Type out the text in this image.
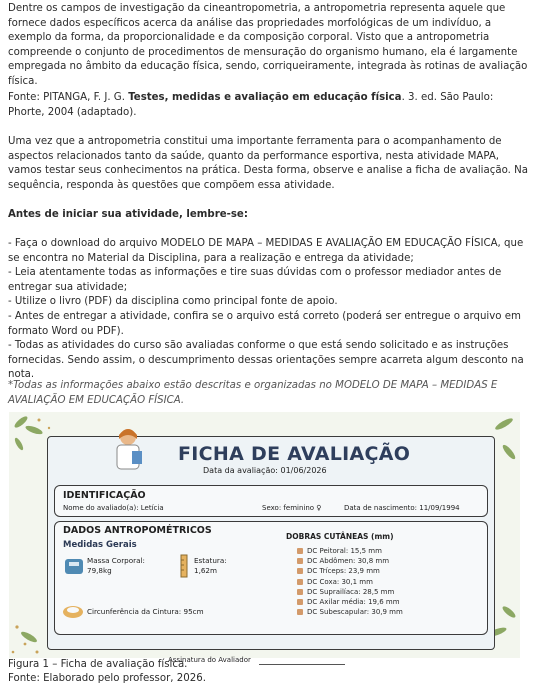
Dentre os campos de investigação da cineantropometria, a antropometria representa aquele que fornece dados específicos acerca da análise das propriedades morfológicas de um indivíduo, a exemplo da forma, da proporcionalidade e da composição corporal. Visto que a antropometria compreende o conjunto de procedimentos de mensuração do organismo humano, ela é largamente empregada no âmbito da educação física, sendo, corriqueiramente, integrada às rotinas de avaliação física.

Fonte: PITANGA, F. J. G. Testes, medidas e avaliação em educação física. 3. ed. São Paulo: Phorte, 2004 (adaptado).

Uma vez que a antropometria constitui uma importante ferramenta para o acompanhamento de aspectos relacionados tanto da saúde, quanto da performance esportiva, nesta atividade MAPA, vamos testar seus conhecimentos na prática. Desta forma, observe e analise a ficha de avaliação. Na sequência, responda às questões que compõem essa atividade.

Antes de iniciar sua atividade, lembre-se:

- Faça o download do arquivo MODELO DE MAPA – MEDIDAS E AVALIAÇÃO EM EDUCAÇÃO FÍSICA, que se encontra no Material da Disciplina, para a realização e entrega da atividade;

- Leia atentamente todas as informações e tire suas dúvidas com o professor mediador antes de entregar sua atividade;

- Utilize o livro (PDF) da disciplina como principal fonte de apoio.

- Antes de entregar a atividade, confira se o arquivo está correto (poderá ser entregue o arquivo em formato Word ou PDF).

- Todas as atividades do curso são avaliadas conforme o que está sendo solicitado e as instruções fornecidas. Sendo assim, o descumprimento dessas orientações sempre acarreta algum desconto na nota.

*Todas as informações abaixo estão descritas e organizadas no MODELO DE MAPA – MEDIDAS E AVALIAÇÃO EM EDUCAÇÃO FÍSICA.

FICHA DE AVALIAÇÃO
Data da avaliação: 01/06/2026
IDENTIFICAÇÃO
Nome do avaliado(a): Letícia	Sexo: feminino ♀	Data de nascimento: 11/09/1994
DADOS ANTROPOMÉTRICOS
Medidas Gerais
Massa Corporal:
79,8kg
Estatura:
1,62m
Circunferência da Cintura: 95cm
DOBRAS CUTÂNEAS (mm)
DC Peitoral: 15,5 mm
DC Abdômen: 30,8 mm
DC Tríceps: 23,9 mm
DC Coxa: 30,1 mm
DC Suprailíaca: 28,5 mm
DC Axilar média: 19,6 mm
DC Subescapular: 30,9 mm
Assinatura do Avaliador
Figura 1 – Ficha de avaliação física.
Fonte: Elaborado pelo professor, 2026.
